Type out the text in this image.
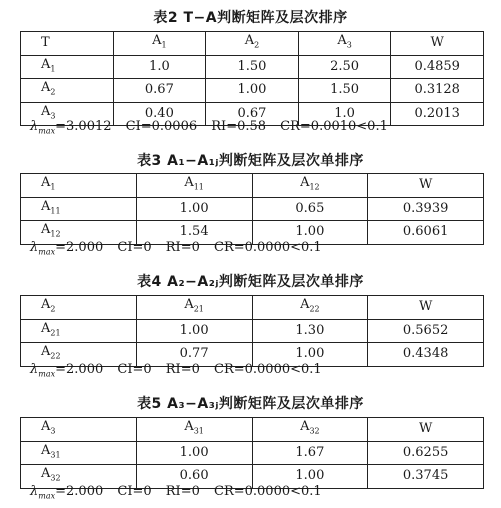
表2 T−A判断矩阵及层次排序
T	$A_1$	$A_2$	$A_3$	W
$A_1$	1.0	1.50	2.50	0.4859
$A_2$	0.67	1.00	1.50	0.3128
$A_3$	0.40	0.67	1.0	0.2013
$\lambda_{max}=3.0012$ CI=0.0006 RI=0.58 CR=0.0010<0.1
表3 A₁−A₁ⱼ判断矩阵及层次单排序
$A_1$	$A_{11}$	$A_{12}$	W
$A_{11}$	1.00	0.65	0.3939
$A_{12}$	1.54	1.00	0.6061
$\lambda_{max}=2.000$ CI=0 RI=0 CR=0.0000<0.1
表4 A₂−A₂ⱼ判断矩阵及层次单排序
$A_2$	$A_{21}$	$A_{22}$	W
$A_{21}$	1.00	1.30	0.5652
$A_{22}$	0.77	1.00	0.4348
$\lambda_{max}=2.000$ CI=0 RI=0 CR=0.0000<0.1
表5 A₃−A₃ⱼ判断矩阵及层次单排序
$A_3$	$A_{31}$	$A_{32}$	W
$A_{31}$	1.00	1.67	0.6255
$A_{32}$	0.60	1.00	0.3745
$\lambda_{max}=2.000$ CI=0 RI=0 CR=0.0000<0.1
